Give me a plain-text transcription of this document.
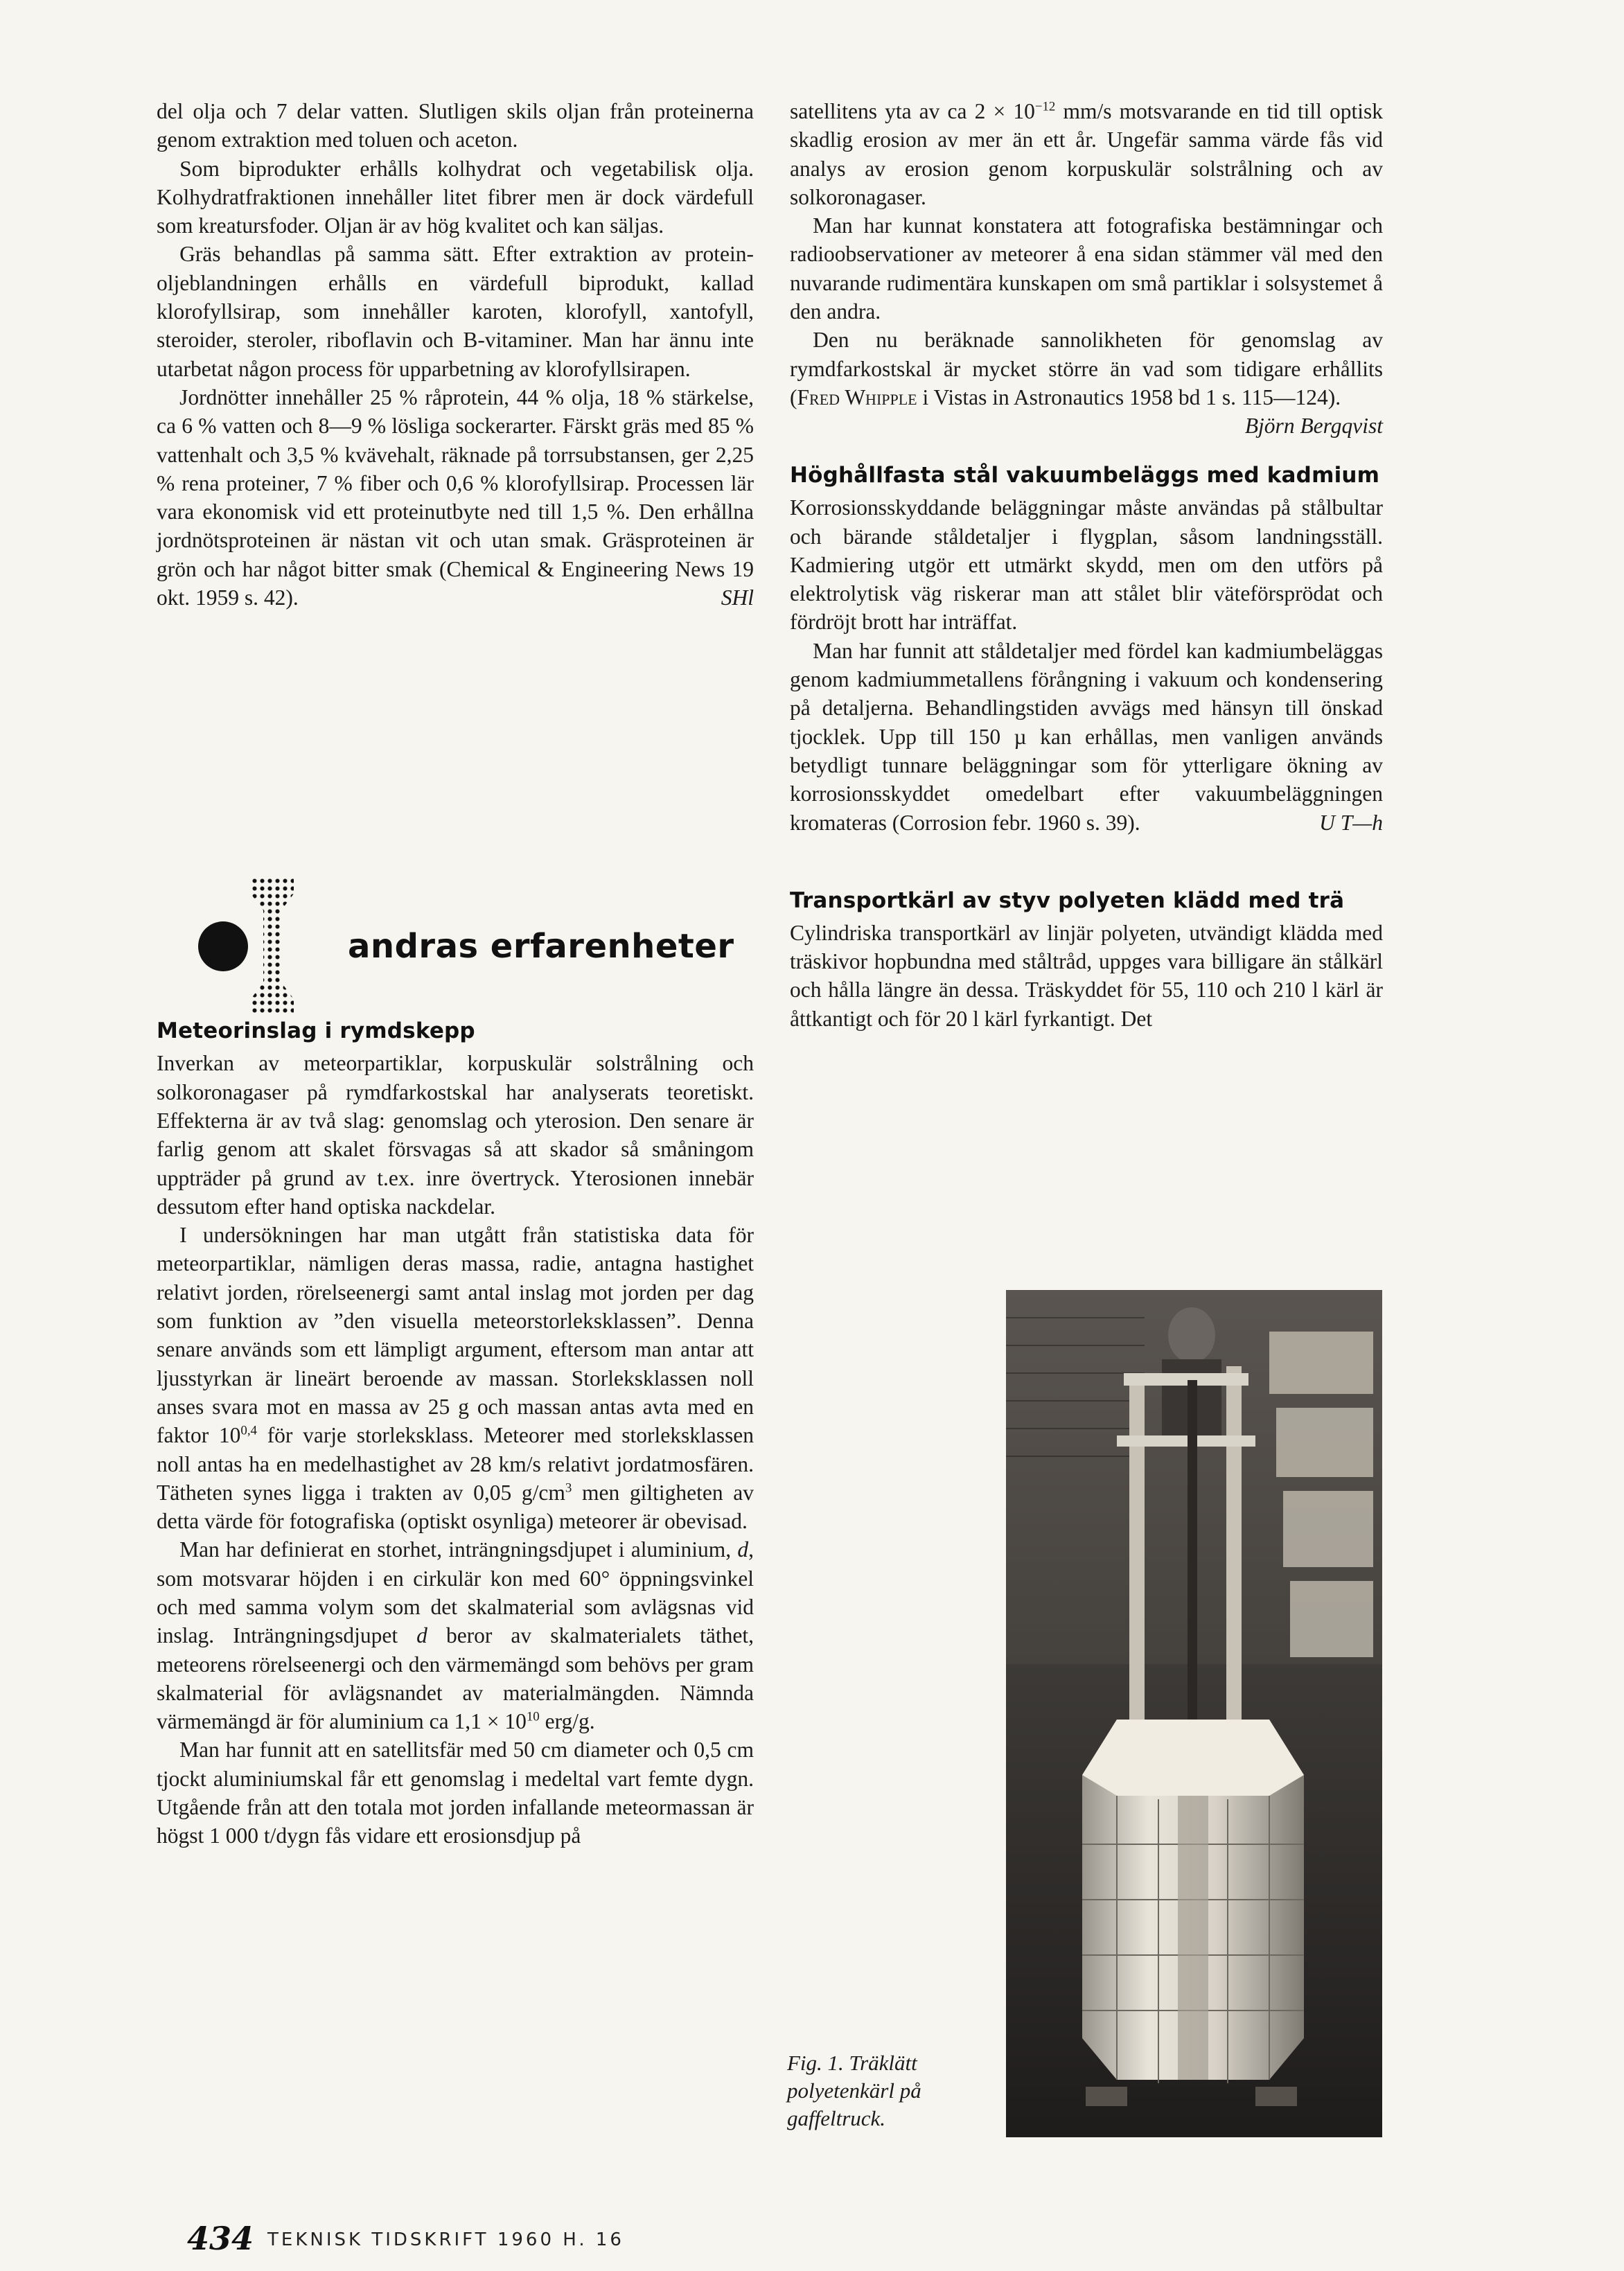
del olja och 7 delar vatten. Slutligen skils oljan från proteinerna genom extraktion med toluen och aceton.

Som biprodukter erhålls kolhydrat och vegetabilisk olja. Kolhydratfraktionen innehåller litet fibrer men är dock värdefull som kreatursfoder. Oljan är av hög kvalitet och kan säljas.

Gräs behandlas på samma sätt. Efter extraktion av protein-oljeblandningen erhålls en värdefull biprodukt, kallad klorofyllsirap, som innehåller karoten, klorofyll, xantofyll, steroider, steroler, riboflavin och B-vitaminer. Man har ännu inte utarbetat någon process för upparbetning av klorofyllsirapen.

Jordnötter innehåller 25 % råprotein, 44 % olja, 18 % stärkelse, ca 6 % vatten och 8—9 % lösliga sockerarter. Färskt gräs med 85 % vattenhalt och 3,5 % kvävehalt, räknade på torrsubstansen, ger 2,25 % rena proteiner, 7 % fiber och 0,6 % klorofyllsirap. Processen lär vara ekonomisk vid ett proteinutbyte ned till 1,5 %. Den erhållna jordnötsproteinen är nästan vit och utan smak. Gräsproteinen är grön och har något bitter smak (Chemical & Engineering News 19 okt. 1959 s. 42).	SHl

Meteorinslag i rymdskepp

Inverkan av meteorpartiklar, korpuskulär solstrålning och solkoronagaser på rymdfarkostskal har analyserats teoretiskt. Effekterna är av två slag: genomslag och yterosion. Den senare är farlig genom att skalet försvagas så att skador så småningom uppträder på grund av t.ex. inre övertryck. Yterosionen innebär dessutom efter hand optiska nackdelar.

I undersökningen har man utgått från statistiska data för meteorpartiklar, nämligen deras massa, radie, antagna hastighet relativt jorden, rörelseenergi samt antal inslag mot jorden per dag som funktion av ”den visuella meteorstorleksklassen”. Denna senare används som ett lämpligt argument, eftersom man antar att ljusstyrkan är lineärt beroende av massan. Storleksklassen noll anses svara mot en massa av 25 g och massan antas avta med en faktor 10$^{0,4}$ för varje storleksklass. Meteorer med storleksklassen noll antas ha en medelhastighet av 28 km/s relativt jordatmosfären. Tätheten synes ligga i trakten av 0,05 $g/cm^3$ men giltigheten av detta värde för fotografiska (optiskt osynliga) meteorer är obevisad.

Man har definierat en storhet, inträngningsdjupet i aluminium, d, som motsvarar höjden i en cirkulär kon med 60° öppningsvinkel och med samma volym som det skalmaterial som avlägsnas vid inslag. Inträngningsdjupet d beror av skalmaterialets täthet, meteorens rörelseenergi och den värmemängd som behövs per gram skalmaterial för avlägsnandet av materialmängden. Nämnda värmemängd är för aluminium ca $1,1 \times 10^{10}$ erg/g.

Man har funnit att en satellitsfär med 50 cm diameter och 0,5 cm tjockt aluminiumskal får ett genomslag i medeltal vart femte dygn. Utgående från att den totala mot jorden infallande meteormassan är högst 1 000 t/dygn fås vidare ett erosionsdjup på

andras erfarenheter

satellitens yta av ca $2 \times 10^{-12}$ mm/s motsvarande en tid till optisk skadlig erosion av mer än ett år. Ungefär samma värde fås vid analys av erosion genom korpuskulär solstrålning och av solkoronagaser.

Man har kunnat konstatera att fotografiska bestämningar och radioobservationer av meteorer å ena sidan stämmer väl med den nuvarande rudimentära kunskapen om små partiklar i solsystemet å den andra.

Den nu beräknade sannolikheten för genomslag av rymdfarkostskal är mycket större än vad som tidigare erhållits (Fred Whipple i Vistas in Astronautics 1958 bd 1 s. 115—124).
Björn Bergqvist

Höghållfasta stål vakuumbeläggs med kadmium

Korrosionsskyddande beläggningar måste användas på stålbultar och bärande ståldetaljer i flygplan, såsom landningsställ. Kadmiering utgör ett utmärkt skydd, men om den utförs på elektrolytisk väg riskerar man att stålet blir väteförsprödat och fördröjt brott har inträffat.

Man har funnit att ståldetaljer med fördel kan kadmiumbeläggas genom kadmiummetallens förångning i vakuum och kondensering på detaljerna. Behandlingstiden avvägs med hänsyn till önskad tjocklek. Upp till 150 µ kan erhållas, men vanligen används betydligt tunnare beläggningar som för ytterligare ökning av korrosionsskyddet omedelbart efter vakuumbeläggningen kromateras (Corrosion febr. 1960 s. 39).	U T—h

Transportkärl av styv polyeten klädd med trä

Cylindriska transportkärl av linjär polyeten, utvändigt klädda med träskivor hopbundna med ståltråd, uppges vara billigare än stålkärl och hålla längre än dessa. Träskyddet för 55, 110 och 210 l kärl är åttkantigt och för 20 l kärl fyrkantigt. Det

Fig. 1. Träklätt polyetenkärl på gaffeltruck.
434 TEKNISK TIDSKRIFT 1960 H. 16
